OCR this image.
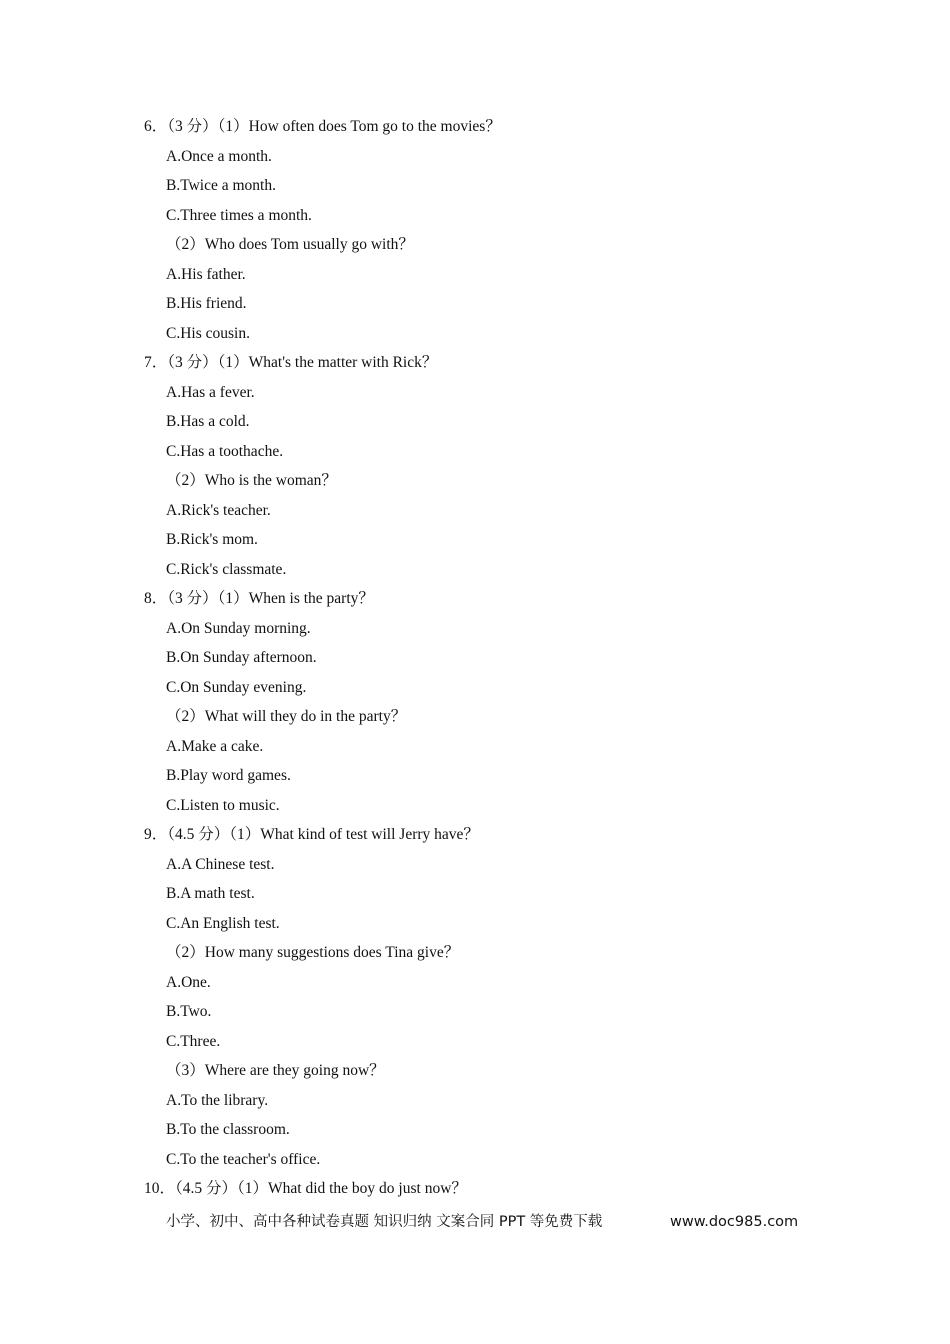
6．（3 分）（1）How often does Tom go to the movies？
A.Once a month.
B.Twice a month.
C.Three times a month.
（2）Who does Tom usually go with？
A.His father.
B.His friend.
C.His cousin.
7．（3 分）（1）What's the matter with Rick？
A.Has a fever.
B.Has a cold.
C.Has a toothache.
（2）Who is the woman？
A.Rick's teacher.
B.Rick's mom.
C.Rick's classmate.
8．（3 分）（1）When is the party？
A.On Sunday morning.
B.On Sunday afternoon.
C.On Sunday evening.
（2）What will they do in the party？
A.Make a cake.
B.Play word games.
C.Listen to music.
9．（4.5 分）（1）What kind of test will Jerry have？
A.A Chinese test.
B.A math test.
C.An English test.
（2）How many suggestions does Tina give？
A.One.
B.Two.
C.Three.
（3）Where are they going now？
A.To the library.
B.To the classroom.
C.To the teacher's office.
10．（4.5 分）（1）What did the boy do just now？
小学、初中、高中各种试卷真题 知识归纳 文案合同 PPT 等免费下载	www.doc985.com
